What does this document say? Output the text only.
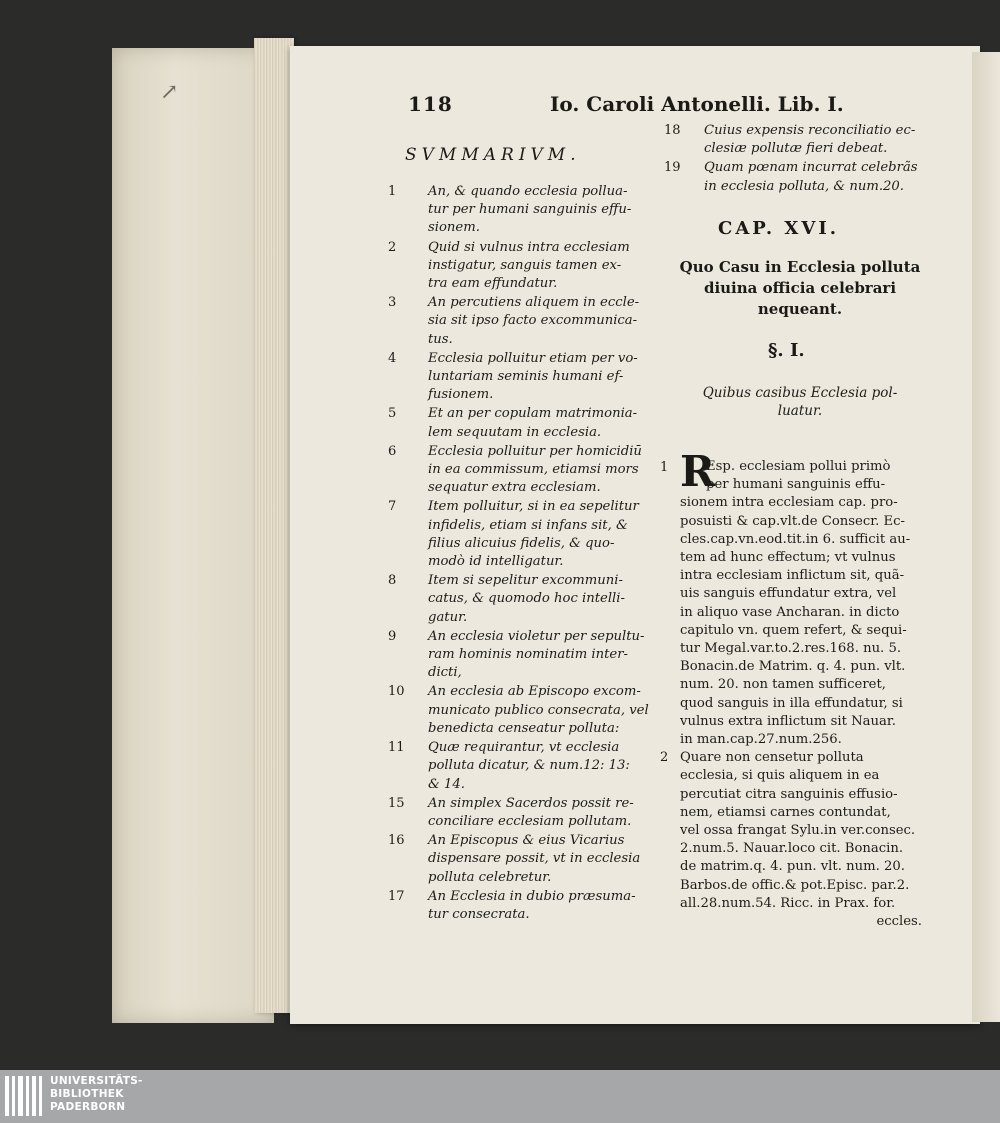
↗	118	Io. Caroli Antonelli. Lib. I.
SVMMARIVM.
1	An, & quando ecclesia pollua-
tur per humani sanguinis effu-
sionem.
2	Quid si vulnus intra ecclesiam
instigatur, sanguis tamen ex-
tra eam effundatur.
3	An percutiens aliquem in eccle-
sia sit ipso facto excommunica-
tus.
4	Ecclesia polluitur etiam per vo-
luntariam seminis humani ef-
fusionem.
5	Et an per copulam matrimonia-
lem sequutam in ecclesia.
6	Ecclesia polluitur per homicidiū
in ea commissum, etiamsi mors
sequatur extra ecclesiam.
7	Item polluitur, si in ea sepelitur
infidelis, etiam si infans sit, &
filius alicuius fidelis, & quo-
modò id intelligatur.
8	Item si sepelitur excommuni-
catus, & quomodo hoc intelli-
gatur.
9	An ecclesia violetur per sepultu-
ram hominis nominatim inter-
dicti,
10	An ecclesia ab Episcopo excom-
municato publico consecrata, vel
benedicta censeatur polluta:
11	Quæ requirantur, vt ecclesia
polluta dicatur, & num.12: 13:
& 14.
15	An simplex Sacerdos possit re-
conciliare ecclesiam pollutam.
16	An Episcopus & eius Vicarius
dispensare possit, vt in ecclesia
polluta celebretur.
17	An Ecclesia in dubio præsuma-
tur consecrata.
18	Cuius expensis reconciliatio ec-
clesiæ pollutæ fieri debeat.
19	Quam pœnam incurrat celebrãs
in ecclesia polluta, & num.20.
CAP. XVI.
Quo Casu in Ecclesia polluta
diuina officia celebrari
nequeant.
§. I.
Quibus casibus Ecclesia pol-
luatur.
R
1
2
Esp. ecclesiam pollui primò
per humani sanguinis effu-
sionem intra ecclesiam cap. pro-
posuisti & cap.vlt.de Consecr. Ec-
cles.cap.vn.eod.tit.in 6. sufficit au-
tem ad hunc effectum; vt vulnus
intra ecclesiam inflictum sit, quã-
uis sanguis effundatur extra, vel
in aliquo vase Ancharan. in dicto
capitulo vn. quem refert, & sequi-
tur Megal.var.to.2.res.168. nu. 5.
Bonacin.de Matrim. q. 4. pun. vlt.
num. 20. non tamen sufficeret,
quod sanguis in illa effundatur, si
vulnus extra inflictum sit Nauar.
in man.cap.27.num.256.
Quare non censetur polluta
ecclesia, si quis aliquem in ea
percutiat citra sanguinis effusio-
nem, etiamsi carnes contundat,
vel ossa frangat Sylu.in ver.consec.
2.num.5. Nauar.loco cit. Bonacin.
de matrim.q. 4. pun. vlt. num. 20.
Barbos.de offic.& pot.Episc. par.2.
all.28.num.54. Ricc. in Prax. for.
eccles.
UNIVERSITÄTS-
BIBLIOTHEK
PADERBORN
